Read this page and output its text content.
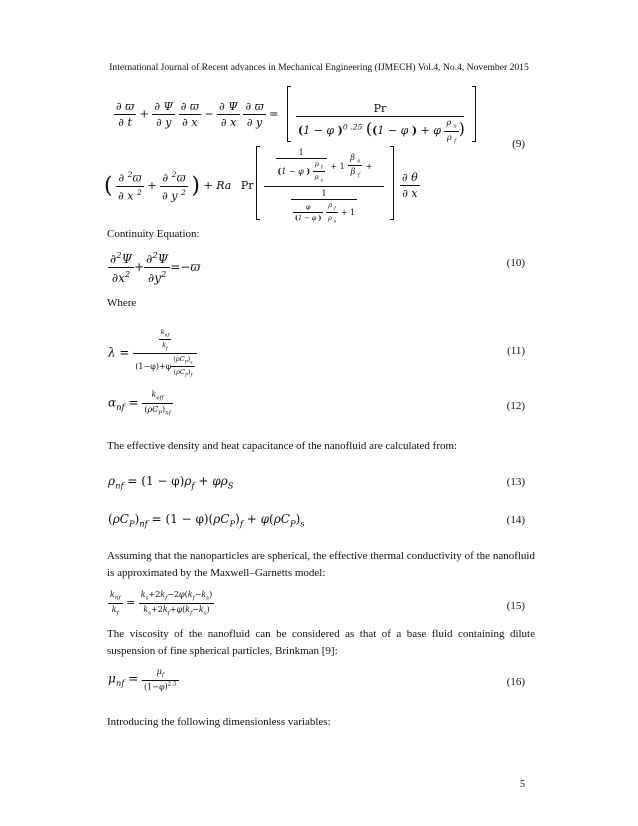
International Journal of Recent advances in Mechanical Engineering (IJMECH) Vol.4, No.4, November 2015
$\frac{\partial ϖ}{\partial t} + \frac{\partial \Psi}{\partial y}$
$\frac{\partial ϖ}{\partial x} - \frac{\partial \Psi}{\partial x}$
$\frac{\partial ϖ}{\partial y} = \frac{Pr}{(1 - \varphi )^{0 .25} ((1 - \varphi ) + \varphi \frac{\rho _s}{\rho _f} )}$	(9)
( $\frac{\partial ^2ϖ}{\partial x ^2} + \frac{\partial ^2ϖ}{\partial y ^2}$ ) + Ra Pr $\frac{1}{(1 - \varphi ) \frac{\rho _f}{\rho _s}} + 1 \frac{\beta _s}{\beta _f}$ +
1
$\frac{\varphi}{(1 - \varphi )}$
$\frac{\rho _f}{\rho _s} + 1 \frac{\partial \theta}{\partial x}$
Continuity Equation:
$\frac{\partial^2\Psi}{\partial x^2} + \frac{\partial^2\Psi}{\partial y^2} =-ϖ$	(10)
Where
$\lambda = \frac{\frac{k_{nf}}{k_f}}{(1-\varphi)+\varphi \frac{(\rho C_P)_s}{(\rho C_P)_f}}$	(11)
$\alpha_{nf} = \frac{k_{eff}}{(\rho C_P)_{nf}}$	(12)
The effective density and heat capacitance of the nanofluid are calculated from:
$\rho_{nf} = (1 - \varphi)\rho_f + \varphi\rho_S$	(13)
$(\rho C_P)_{nf} = (1 - \varphi)(\rho C_P)_f + \varphi(\rho C_P)_s$	(14)
Assuming that the nanoparticles are spherical, the effective thermal conductivity of the nanofluid is approximated by the Maxwell–Garnetts model:
$\frac{k_{nf}}{k_f} = \frac{k_s+2k_f-2\varphi(k_f-k_s)}{k_s+2k_f+\varphi(k_f-k_s)}$	(15)
The viscosity of the nanofluid can be considered as that of a base fluid containing dilute suspension of fine spherical particles, Brinkman [9]:
$\mu_{nf} = \frac{\mu_f}{(1-\varphi)^{2.5}}$	(16)
Introducing the following dimensionless variables:
5
